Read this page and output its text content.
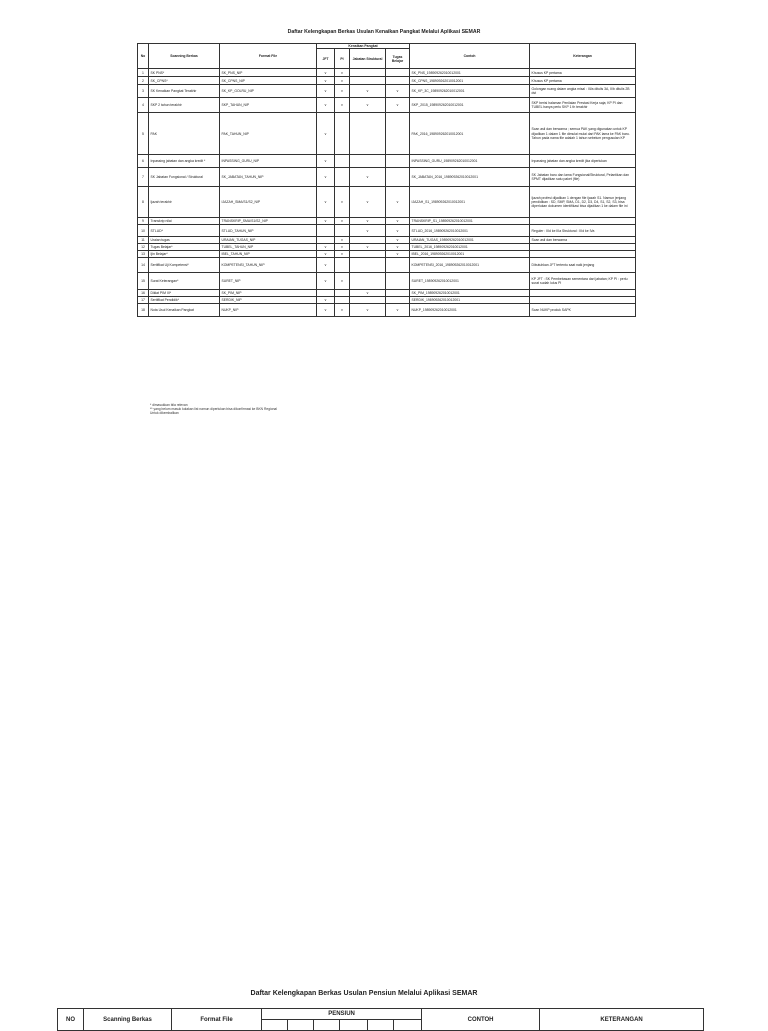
Daftar Kelengkapan Berkas Usulan Kenaikan Pangkat Melalui Aplikasi SEMAR
No	Scanning Berkas	Format File	Kenaikan Pangkat				Contoh	Keterangan
			JFT	PI	Jabatan Struktural	Tugas Belajar		
1	SK PNS*	SK_PNS_NIP	v	v			SK_PNS_198909262010012001	Khusus KP pertama
2	SK_CPNS*	SK_CPNS_NIP	v	v			SK_CPNS_198909262010012001	Khusus KP pertama
3	SK Kenaikan Pangkat Terakhir	SK_KP_GOLRU_NIP	v	v	v	v	SK_KP_3C_198909262010012001	Golongan ruang dalam angka misal : III/a ditulis 3A, II/b ditulis 2B dst
4	SKP 2 tahun terakhir	SKP_TAHUN_NIP	v	v	v	v	SKP_2015_198909262010012001	SKP berisi halaman Penilaian Prestasi Kerja saja; KP PI dan TUBEL hanya perlu SKP 1 th terakhir
5	PAK	PAK_TAHUN_NIP	v				PAK_2016_198909262010012001	Scan asli dan berwarna ; semua PAK yang digunakan untuk KP dijadikan 1 dalam 1 file dimulai mulai dari PAK lama ke PAK baru. Tahun pada nama file adalah 1 tahun sebelum pengusulan KP
6	Inpassing jabatan dan angka kredit *	INPASSING_GURU_NIP	v				INPASSING_GURU_198909262010012001	Inpassing jabatan dan angka kredit jika diperlukan
7	SK Jabatan Fungsional / Struktural	SK_JABATAN_TAHUN_NIP	v		v		SK_JABATAN_2016_198909262010012001	SK Jabatan baru dan lama Fungsional/Struktural, Pelantikan dan SPMT dijadikan satu paket (file)
8	Ijazah terakhir	IJAZAH_SMA/S1/S2_NIP	v	v	v	v	IJAZAH_S1_198909262010012001	Ijazah profesi dijadikan 1 dengan file ijazah S1. Namun jenjang pendidikan : SD, SMP, SMA, D1, D2, D3, D4, S1, S2, S3, bisa diperlukan dokumen identifikasi bisa dijadikan 1 ke dalam file ini
9	Transkrip nilai	TRANSKRIP_SMA/S1/S2_NIP	v	v	v	v	TRANSKRIP_S1_198909262010012001	
10	STLUD*	STLUD_TAHUN_NIP			v	v	STLUD_2016_198909262010012001	Reguler : IIId ke IIIa Struktural : IIId ke IVa
11	Uraian tugas	URAIAN_TUGAS_NIP		v		v	URAIAN_TUGAS_198909262010012001	Scan asli dan berwarna
12	Tugas Belajar*	TUBEL_TAHUN_NIP	v	v	v	v	TUBEL_2016_198909262010012001	
13	Ijin Belajar*	IBEL_TAHUN_NIP	v	v		v	IBEL_2016_198909262010012001	
14	Sertifikat Uji Kompetensi*	KOMPETENSI_TAHUN_NIP	v				KOMPETENSI_2016_198909262010012001	Dibutuhkan JFT tertentu saat naik jenjang
15	Surat Keterangan*	SURET_NIP	v	v			SURET_198909262010012001	KP JFT : SK Pembebasan sementara dari jabatan; KP PI : perlu surat sudah lulus PI
16	Diklat PIM III*	SK_PIM_NIP			v		SK_PIM_198909262010012001	
17	Sertifikat Pendidik*	SERDIK_NIP	v				SERDIK_198909262010012001	
18	Nota Usul Kenaikan Pangkat	NUKP_NIP	v	v	v	v	NUKP_198909262010012001	Scan NUKP produk SAPK
* dimasukkan bila relevan
** yang belum masuk kolakan list namun diperlukan bisa dikonfirmasi ke BKN Regional
Untuk dikembalikan
Daftar Kelengkapan Berkas Usulan Pensiun Melalui Aplikasi SEMAR
NO	Scanning Berkas	Format File	PENSIUN						CONTOH	KETERANGAN
